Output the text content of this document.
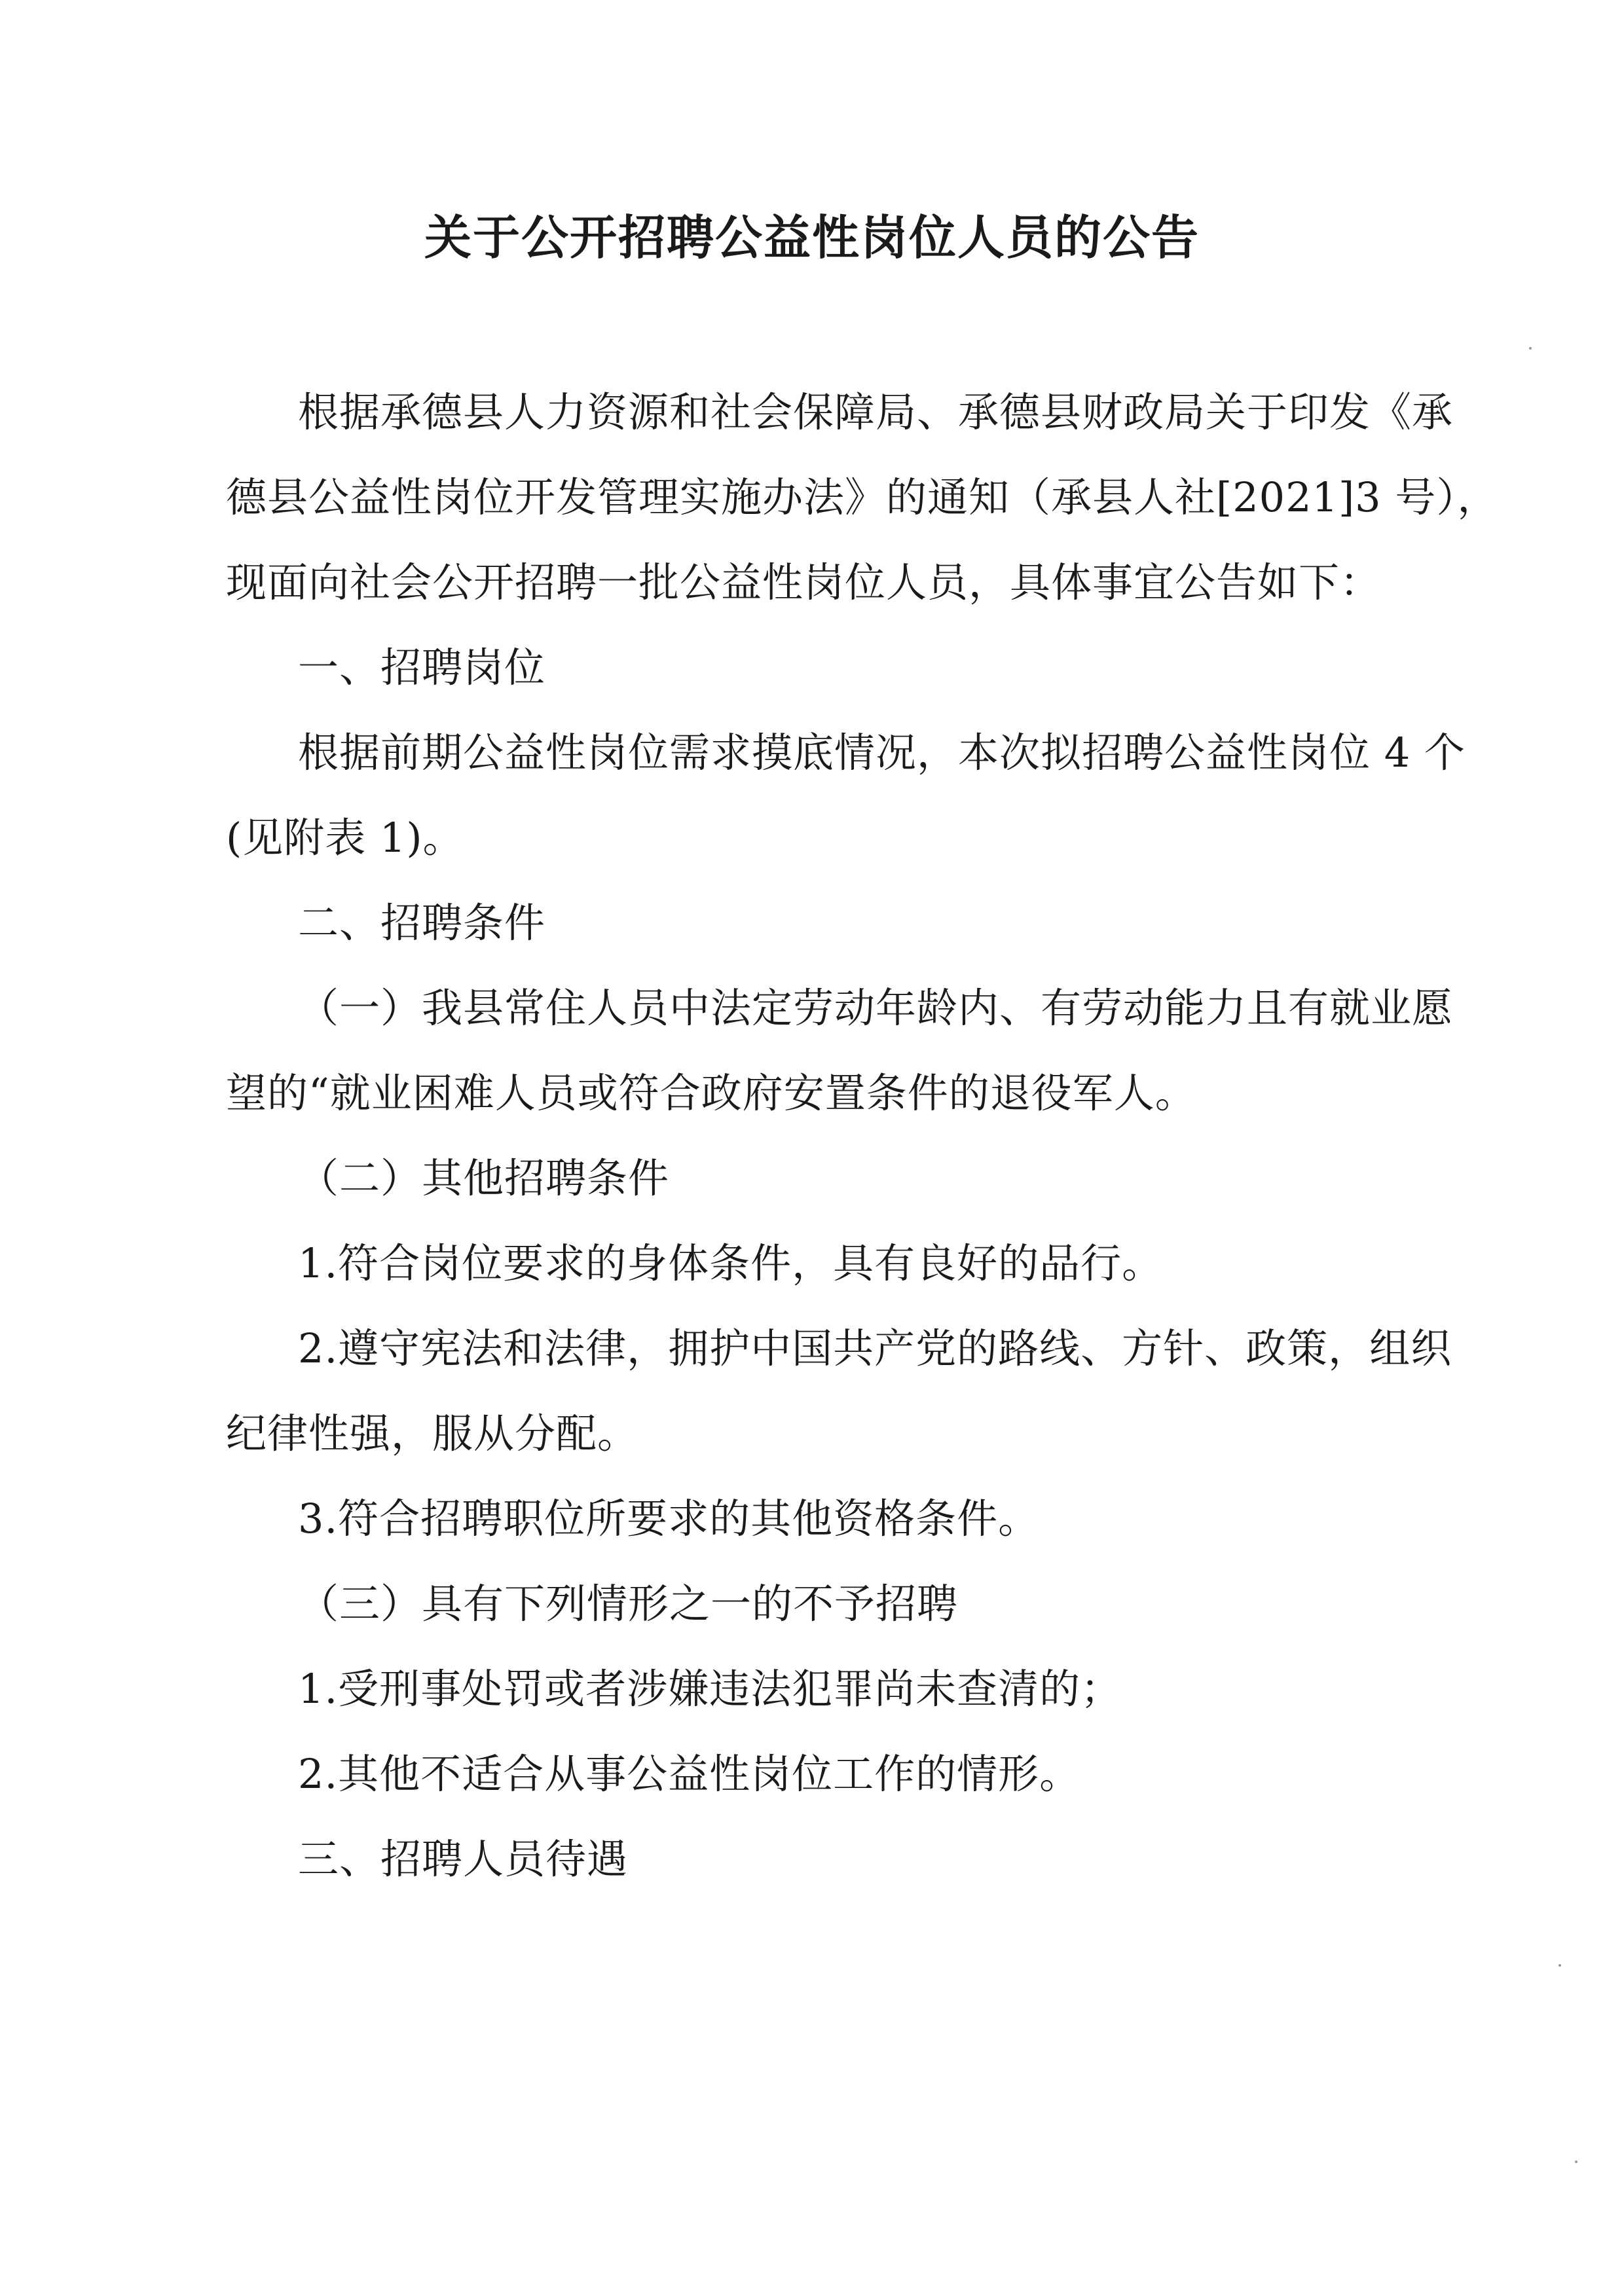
关于公开招聘公益性岗位人员的公告
根据承德县人力资源和社会保障局、承德县财政局关于印发《承
德县公益性岗位开发管理实施办法》的通知（承县人社[2021]3 号），
现面向社会公开招聘一批公益性岗位人员，具体事宜公告如下：
一、招聘岗位
根据前期公益性岗位需求摸底情况，本次拟招聘公益性岗位 4 个
(见附表 1)。
二、招聘条件
（一）我县常住人员中法定劳动年龄内、有劳动能力且有就业愿
望的“就业困难人员或符合政府安置条件的退役军人。
（二）其他招聘条件
1.符合岗位要求的身体条件，具有良好的品行。
2.遵守宪法和法律，拥护中国共产党的路线、方针、政策，组织
纪律性强，服从分配。
3.符合招聘职位所要求的其他资格条件。
（三）具有下列情形之一的不予招聘
1.受刑事处罚或者涉嫌违法犯罪尚未查清的；
2.其他不适合从事公益性岗位工作的情形。
三、招聘人员待遇
